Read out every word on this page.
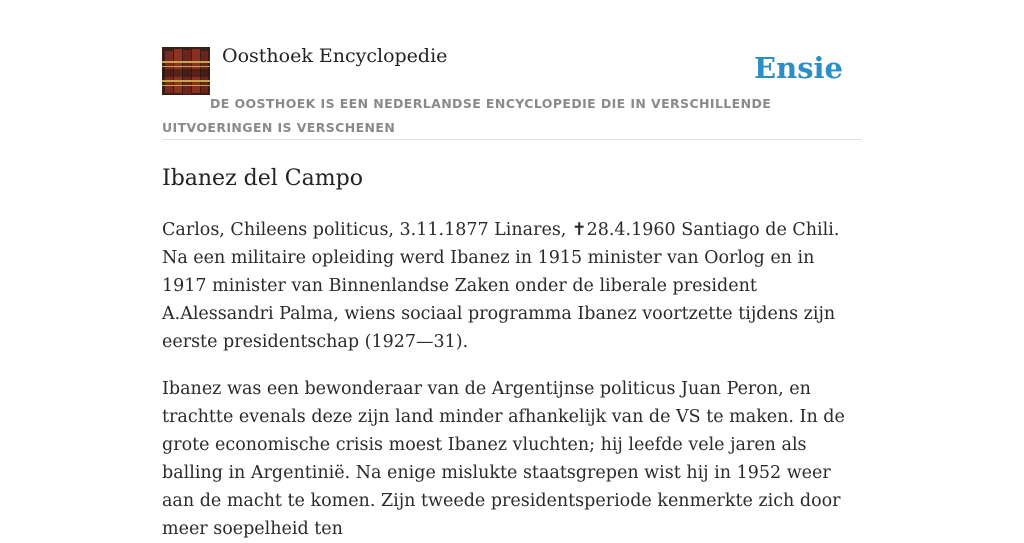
Oosthoek Encyclopedie	Ensie
DE OOSTHOEK IS EEN NEDERLANDSE ENCYCLOPEDIE DIE IN VERSCHILLENDE UITVOERINGEN IS VERSCHENEN
Ibanez del Campo

Carlos, Chileens politicus, 3.11.1877 Linares, ✝28.4.1960 Santiago de Chili. Na een militaire opleiding werd Ibanez in 1915 minister van Oorlog en in 1917 minister van Binnenlandse Zaken onder de liberale president A.Alessandri Palma, wiens sociaal programma Ibanez voortzette tijdens zijn eerste presidentschap (1927—31).

Ibanez was een bewonderaar van de Argentijnse politicus Juan Peron, en trachtte evenals deze zijn land minder afhankelijk van de VS te maken. In de grote economische crisis moest Ibanez vluchten; hij leefde vele jaren als balling in Argentinië. Na enige mislukte staatsgrepen wist hij in 1952 weer aan de macht te komen. Zijn tweede presidentsperiode kenmerkte zich door meer soepelheid ten
